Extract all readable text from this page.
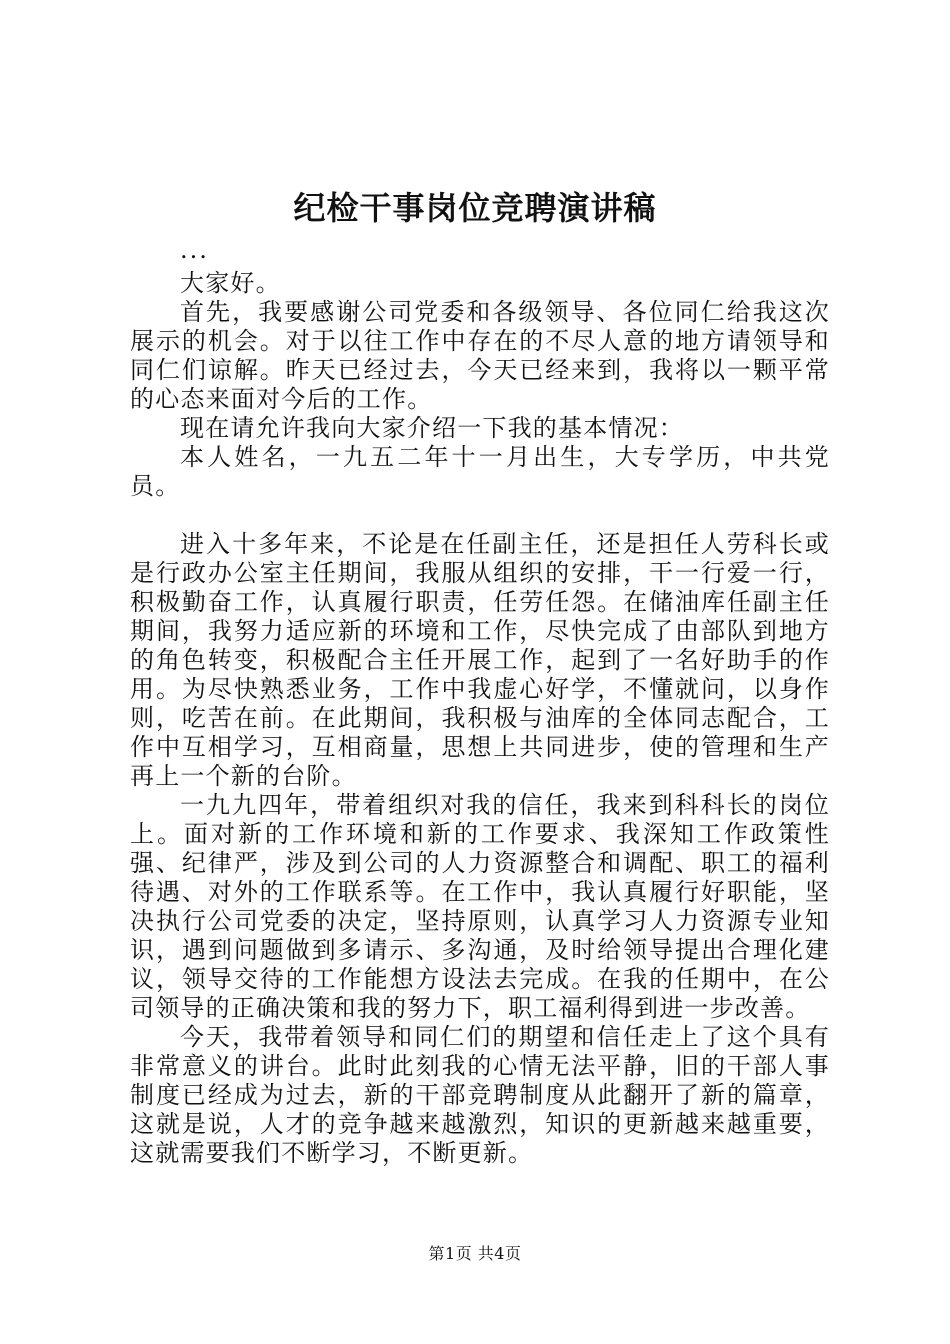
纪检干事岗位竞聘演讲稿
...

大家好。

首先，我要感谢公司党委和各级领导、各位同仁给我这次展示的机会。对于以往工作中存在的不尽人意的地方请领导和同仁们谅解。昨天已经过去，今天已经来到，我将以一颗平常的心态来面对今后的工作。

现在请允许我向大家介绍一下我的基本情况：

本人姓名，一九五二年十一月出生，大专学历，中共党员。

进入十多年来，不论是在任副主任，还是担任人劳科长或是行政办公室主任期间，我服从组织的安排，干一行爱一行，积极勤奋工作，认真履行职责，任劳任怨。在储油库任副主任期间，我努力适应新的环境和工作，尽快完成了由部队到地方的角色转变，积极配合主任开展工作，起到了一名好助手的作用。为尽快熟悉业务，工作中我虚心好学，不懂就问，以身作则，吃苦在前。在此期间，我积极与油库的全体同志配合，工作中互相学习，互相商量，思想上共同进步，使的管理和生产再上一个新的台阶。

一九九四年，带着组织对我的信任，我来到科科长的岗位上。面对新的工作环境和新的工作要求、我深知工作政策性强、纪律严，涉及到公司的人力资源整合和调配、职工的福利待遇、对外的工作联系等。在工作中，我认真履行好职能，坚决执行公司党委的决定，坚持原则，认真学习人力资源专业知识，遇到问题做到多请示、多沟通，及时给领导提出合理化建议，领导交待的工作能想方设法去完成。在我的任期中，在公司领导的正确决策和我的努力下，职工福利得到进一步改善。

今天，我带着领导和同仁们的期望和信任走上了这个具有非常意义的讲台。此时此刻我的心情无法平静，旧的干部人事制度已经成为过去，新的干部竞聘制度从此翻开了新的篇章，这就是说，人才的竞争越来越激烈，知识的更新越来越重要，这就需要我们不断学习，不断更新。

第1页 共4页
